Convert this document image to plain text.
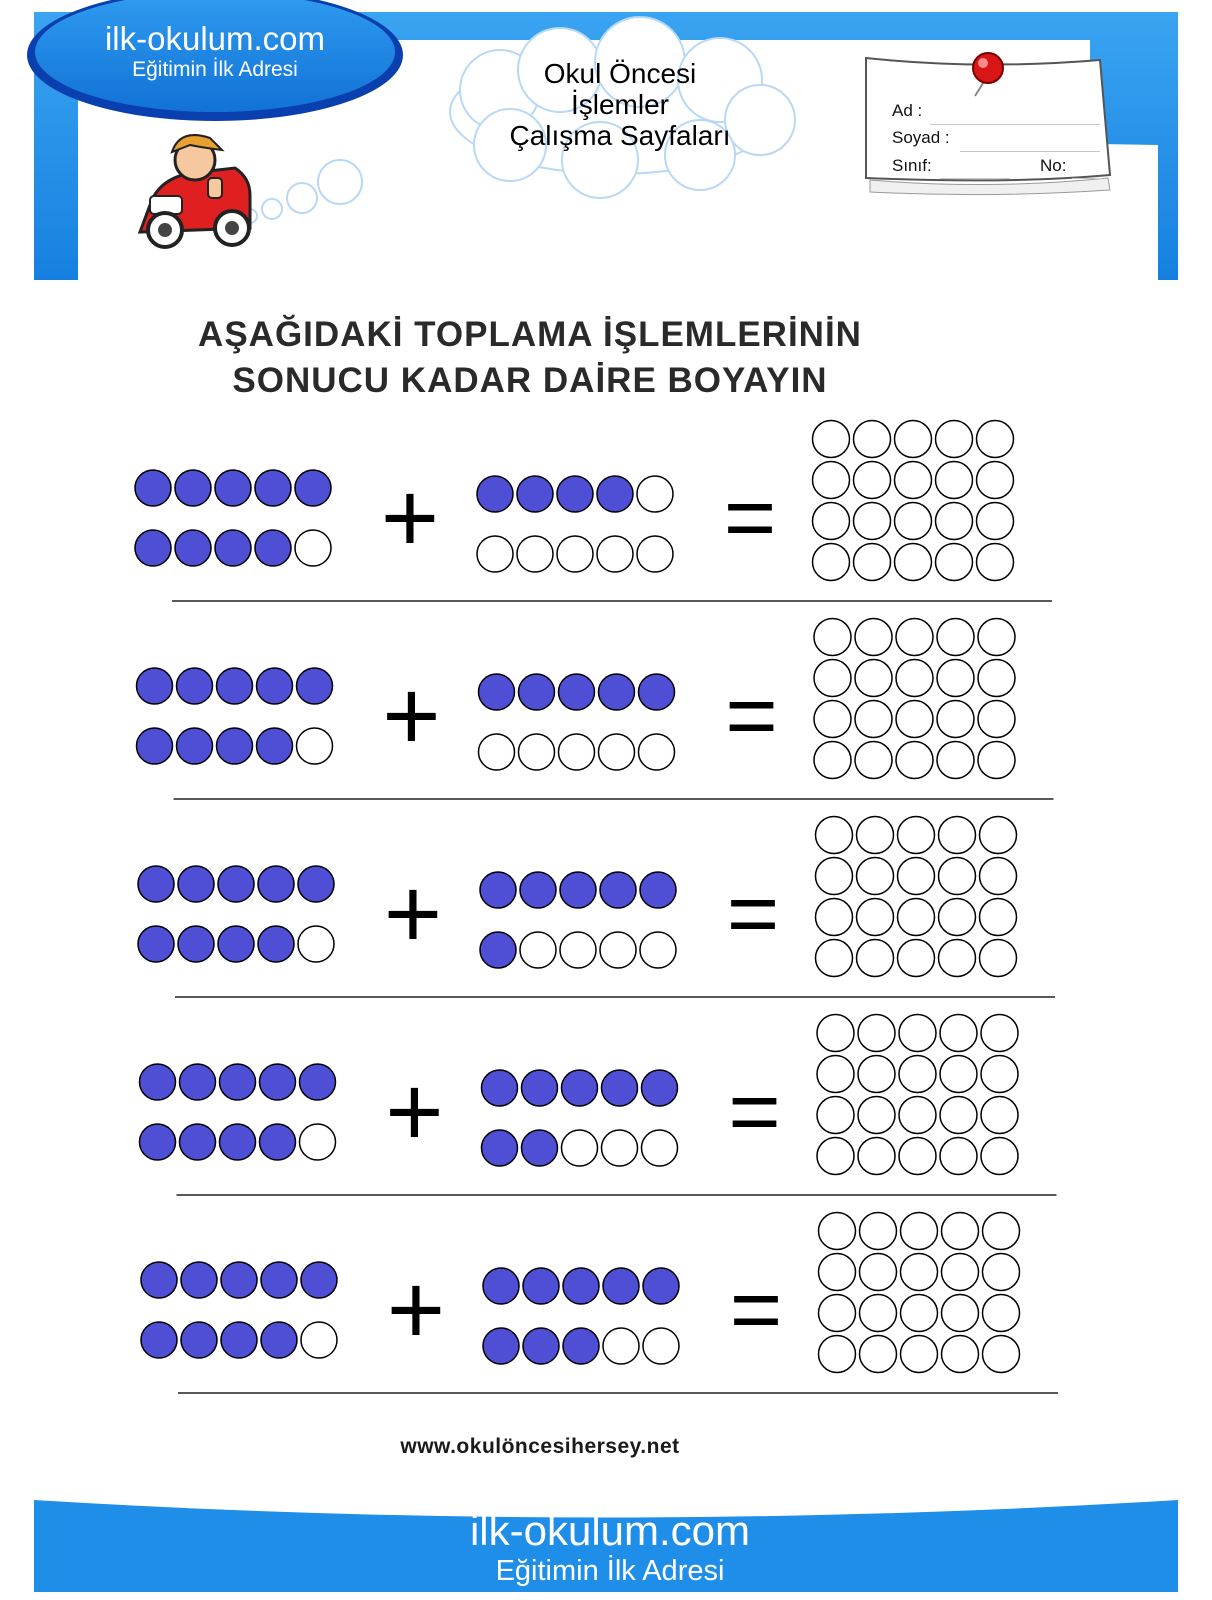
ilk-okulum.com
Eğitimin İlk Adresi	Okul Öncesi
İşlemler
Çalışma Sayfaları
Ad :
Soyad :
Sınıf:	No:
AŞAĞIDAKİ TOPLAMA İŞLEMLERİNİN
SONUCU KADAR DAİRE BOYAYIN
+	=
+	=
+	=
+	=
+	=
www.okulöncesihersey.net
ilk-okulum.com
Eğitimin İlk Adresi
